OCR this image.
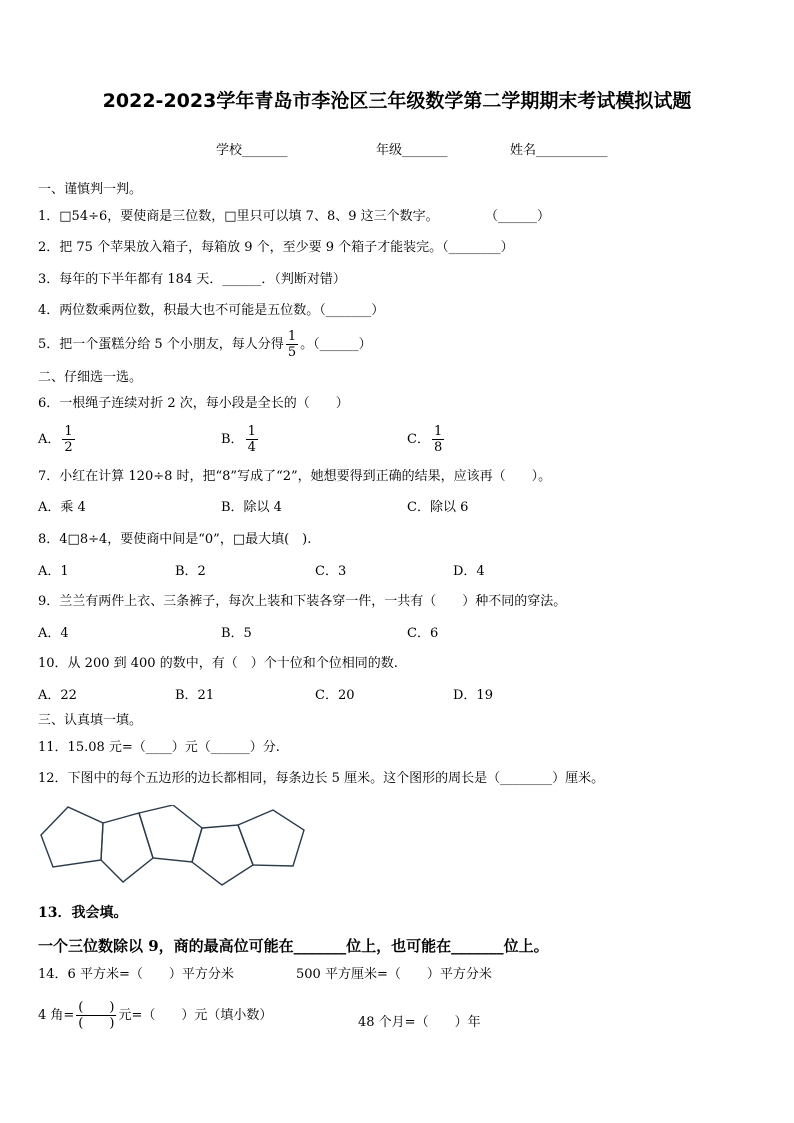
2022-2023学年青岛市李沧区三年级数学第二学期期末考试模拟试题
学校_______	年级_______	姓名___________
一、谨慎判一判。
1．□54÷6，要使商是三位数，□里只可以填 7、8、9 这三个数字。	（______）
2．把 75 个苹果放入箱子，每箱放 9 个，至少要 9 个箱子才能装完。（________）
3．每年的下半年都有 184 天．______．（判断对错）
4．两位数乘两位数，积最大也不可能是五位数。（_______）
5．把一个蛋糕分给 5 个小朋友，每人分得 $\frac{1}{5}$ 。（______）
二、仔细选一选。
6．一根绳子连续对折 2 次，每小段是全长的（　　）
A． $\frac{1}{2}$	B． $\frac{1}{4}$	C． $\frac{1}{8}$
7．小红在计算 120÷8 时，把“8”写成了“2”，她想要得到正确的结果，应该再（　　）。
A．乘 4	B．除以 4	C．除以 6
8．4□8÷4，要使商中间是“0”，□最大填(　).
A．1	B．2	C．3	D．4
9．兰兰有两件上衣、三条裤子，每次上装和下装各穿一件，一共有（　　）种不同的穿法。
A．4	B．5	C．6
10．从 200 到 400 的数中，有（　）个十位和个位相同的数.
A．22	B．21	C．20	D．19
三、认真填一填。
11．15.08 元=（____）元（______）分.
12．下图中的每个五边形的边长都相同，每条边长 5 厘米。这个图形的周长是（________）厘米。
13．我会填。
一个三位数除以 9，商的最高位可能在_______位上，也可能在_______位上。
14．6 平方米=（　　）平方分米	500 平方厘米=（　　）平方分米
4 角= $\frac{( )}{( )}$ 元=（　　）元（填小数）	48 个月=（　　）年
